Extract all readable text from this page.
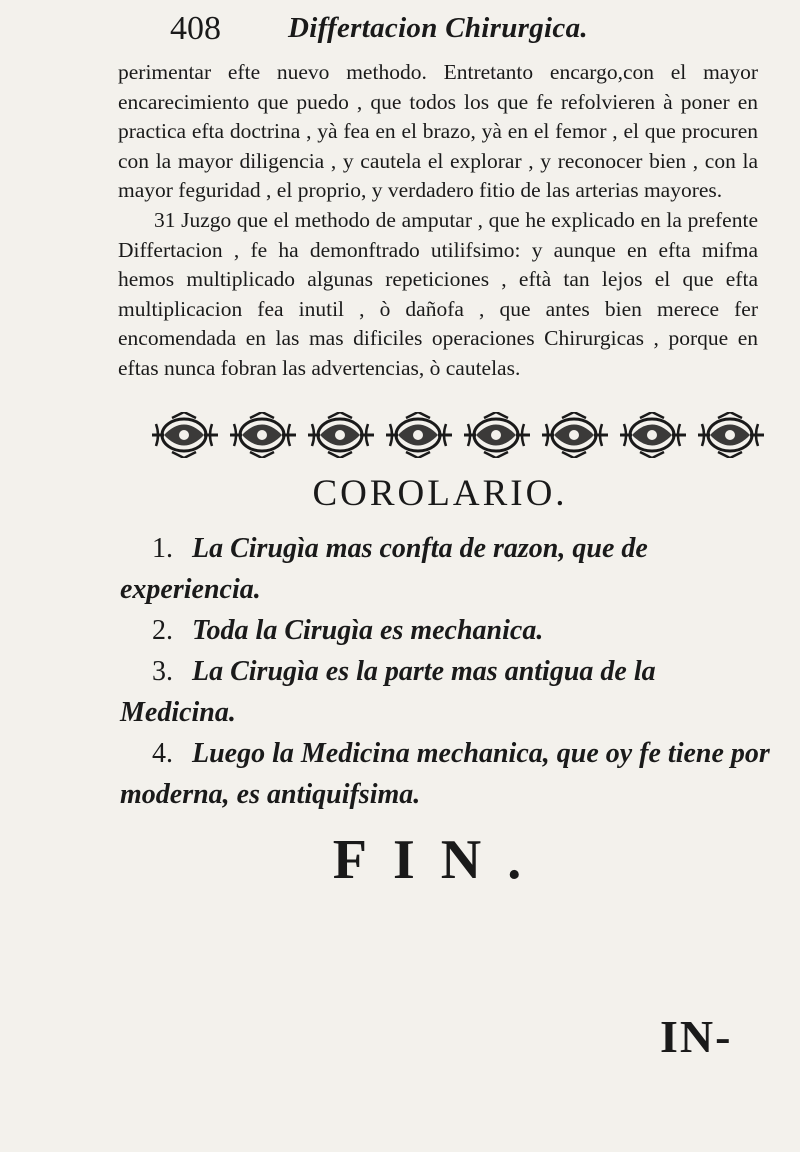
408 Differtacion Chirurgica.

perimentar efte nuevo methodo. Entretanto encargo,con el mayor encarecimiento que puedo , que todos los que fe refolvieren à poner en practica efta doctrina , yà fea en el brazo, yà en el femor , el que procuren con la mayor diligencia , y cautela el explorar , y reconocer bien , con la mayor feguridad , el proprio, y verdadero fitio de las arterias mayores.

31 Juzgo que el methodo de amputar , que he explicado en la prefente Differtacion , fe ha demonftrado utilifsimo: y aunque en efta mifma hemos multiplicado algunas repeticiones , eftà tan lejos el que efta multiplicacion fea inutil , ò dañofa , que antes bien merece fer encomendada en las mas dificiles operaciones Chirurgicas , porque en eftas nunca fobran las advertencias, ò cautelas.

COROLARIO.

1. La Cirugìa mas confta de razon, que de experiencia.

2. Toda la Cirugìa es mechanica.

3. La Cirugìa es la parte mas antigua de la Medicina.

4. Luego la Medicina mechanica, que oy fe tiene por moderna, es antiquifsima.

FIN.
IN-
